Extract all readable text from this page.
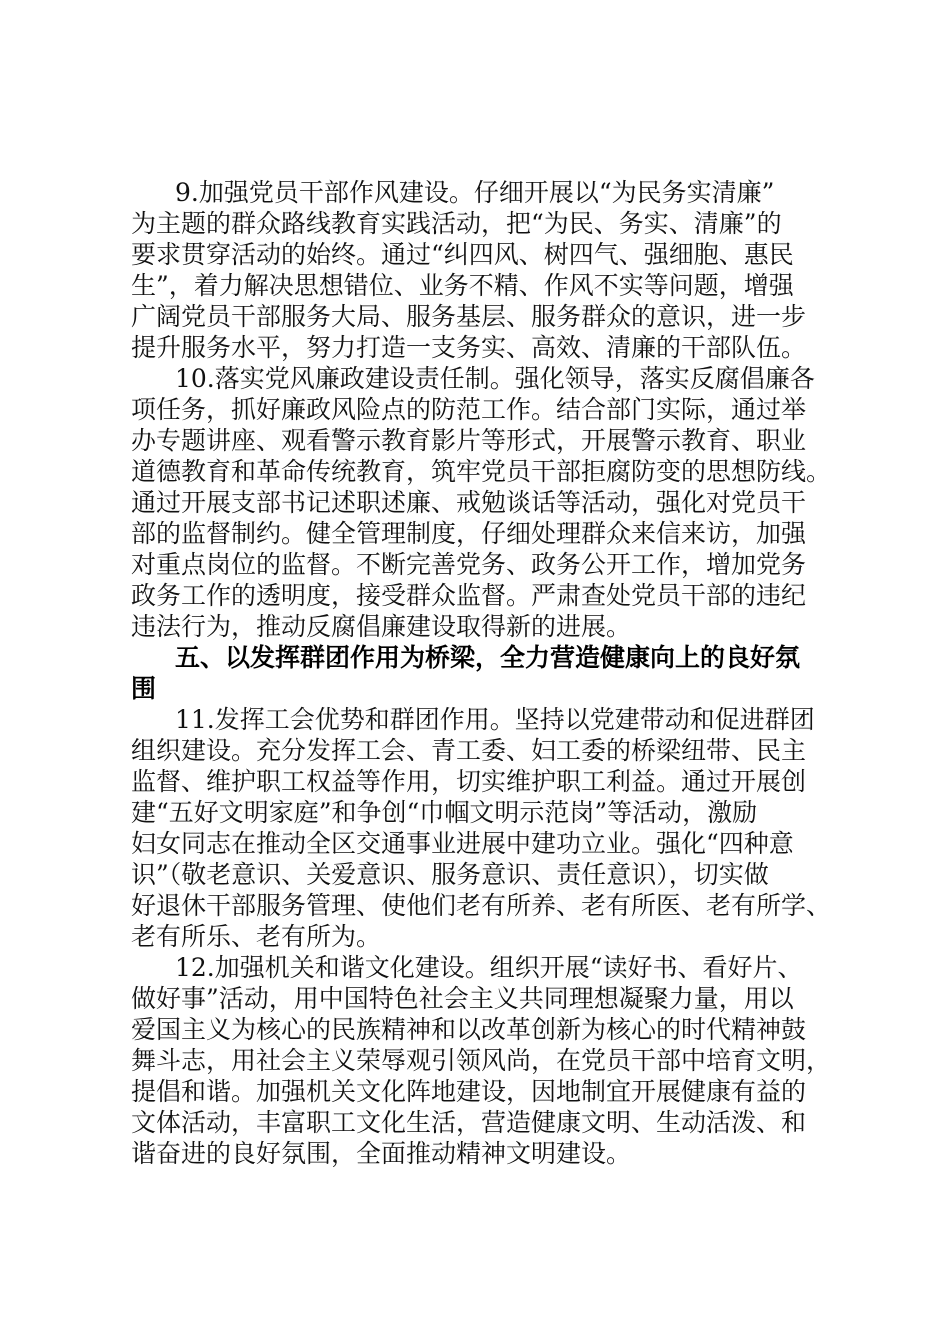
9.加强党员干部作风建设。仔细开展以“为民务实清廉”

为主题的群众路线教育实践活动，把“为民、务实、清廉”的

要求贯穿活动的始终。通过“纠四风、树四气、强细胞、惠民

生”，着力解决思想错位、业务不精、作风不实等问题，增强

广阔党员干部服务大局、服务基层、服务群众的意识，进一步

提升服务水平，努力打造一支务实、高效、清廉的干部队伍。

10.落实党风廉政建设责任制。强化领导，落实反腐倡廉各

项任务，抓好廉政风险点的防范工作。结合部门实际，通过举

办专题讲座、观看警示教育影片等形式，开展警示教育、职业

道德教育和革命传统教育，筑牢党员干部拒腐防变的思想防线。

通过开展支部书记述职述廉、戒勉谈话等活动，强化对党员干

部的监督制约。健全管理制度，仔细处理群众来信来访，加强

对重点岗位的监督。不断完善党务、政务公开工作，增加党务

政务工作的透明度，接受群众监督。严肃查处党员干部的违纪

违法行为，推动反腐倡廉建设取得新的进展。

五、以发挥群团作用为桥梁，全力营造健康向上的良好氛

围

11.发挥工会优势和群团作用。坚持以党建带动和促进群团

组织建设。充分发挥工会、青工委、妇工委的桥梁纽带、民主

监督、维护职工权益等作用，切实维护职工利益。通过开展创

建“五好文明家庭”和争创“巾帼文明示范岗”等活动，激励

妇女同志在推动全区交通事业进展中建功立业。强化“四种意

识”（敬老意识、关爱意识、服务意识、责任意识），切实做

好退休干部服务管理、使他们老有所养、老有所医、老有所学、

老有所乐、老有所为。

12.加强机关和谐文化建设。组织开展“读好书、看好片、

做好事”活动，用中国特色社会主义共同理想凝聚力量，用以

爱国主义为核心的民族精神和以改革创新为核心的时代精神鼓

舞斗志，用社会主义荣辱观引领风尚，在党员干部中培育文明，

提倡和谐。加强机关文化阵地建设，因地制宜开展健康有益的

文体活动，丰富职工文化生活，营造健康文明、生动活泼、和

谐奋进的良好氛围，全面推动精神文明建设。
